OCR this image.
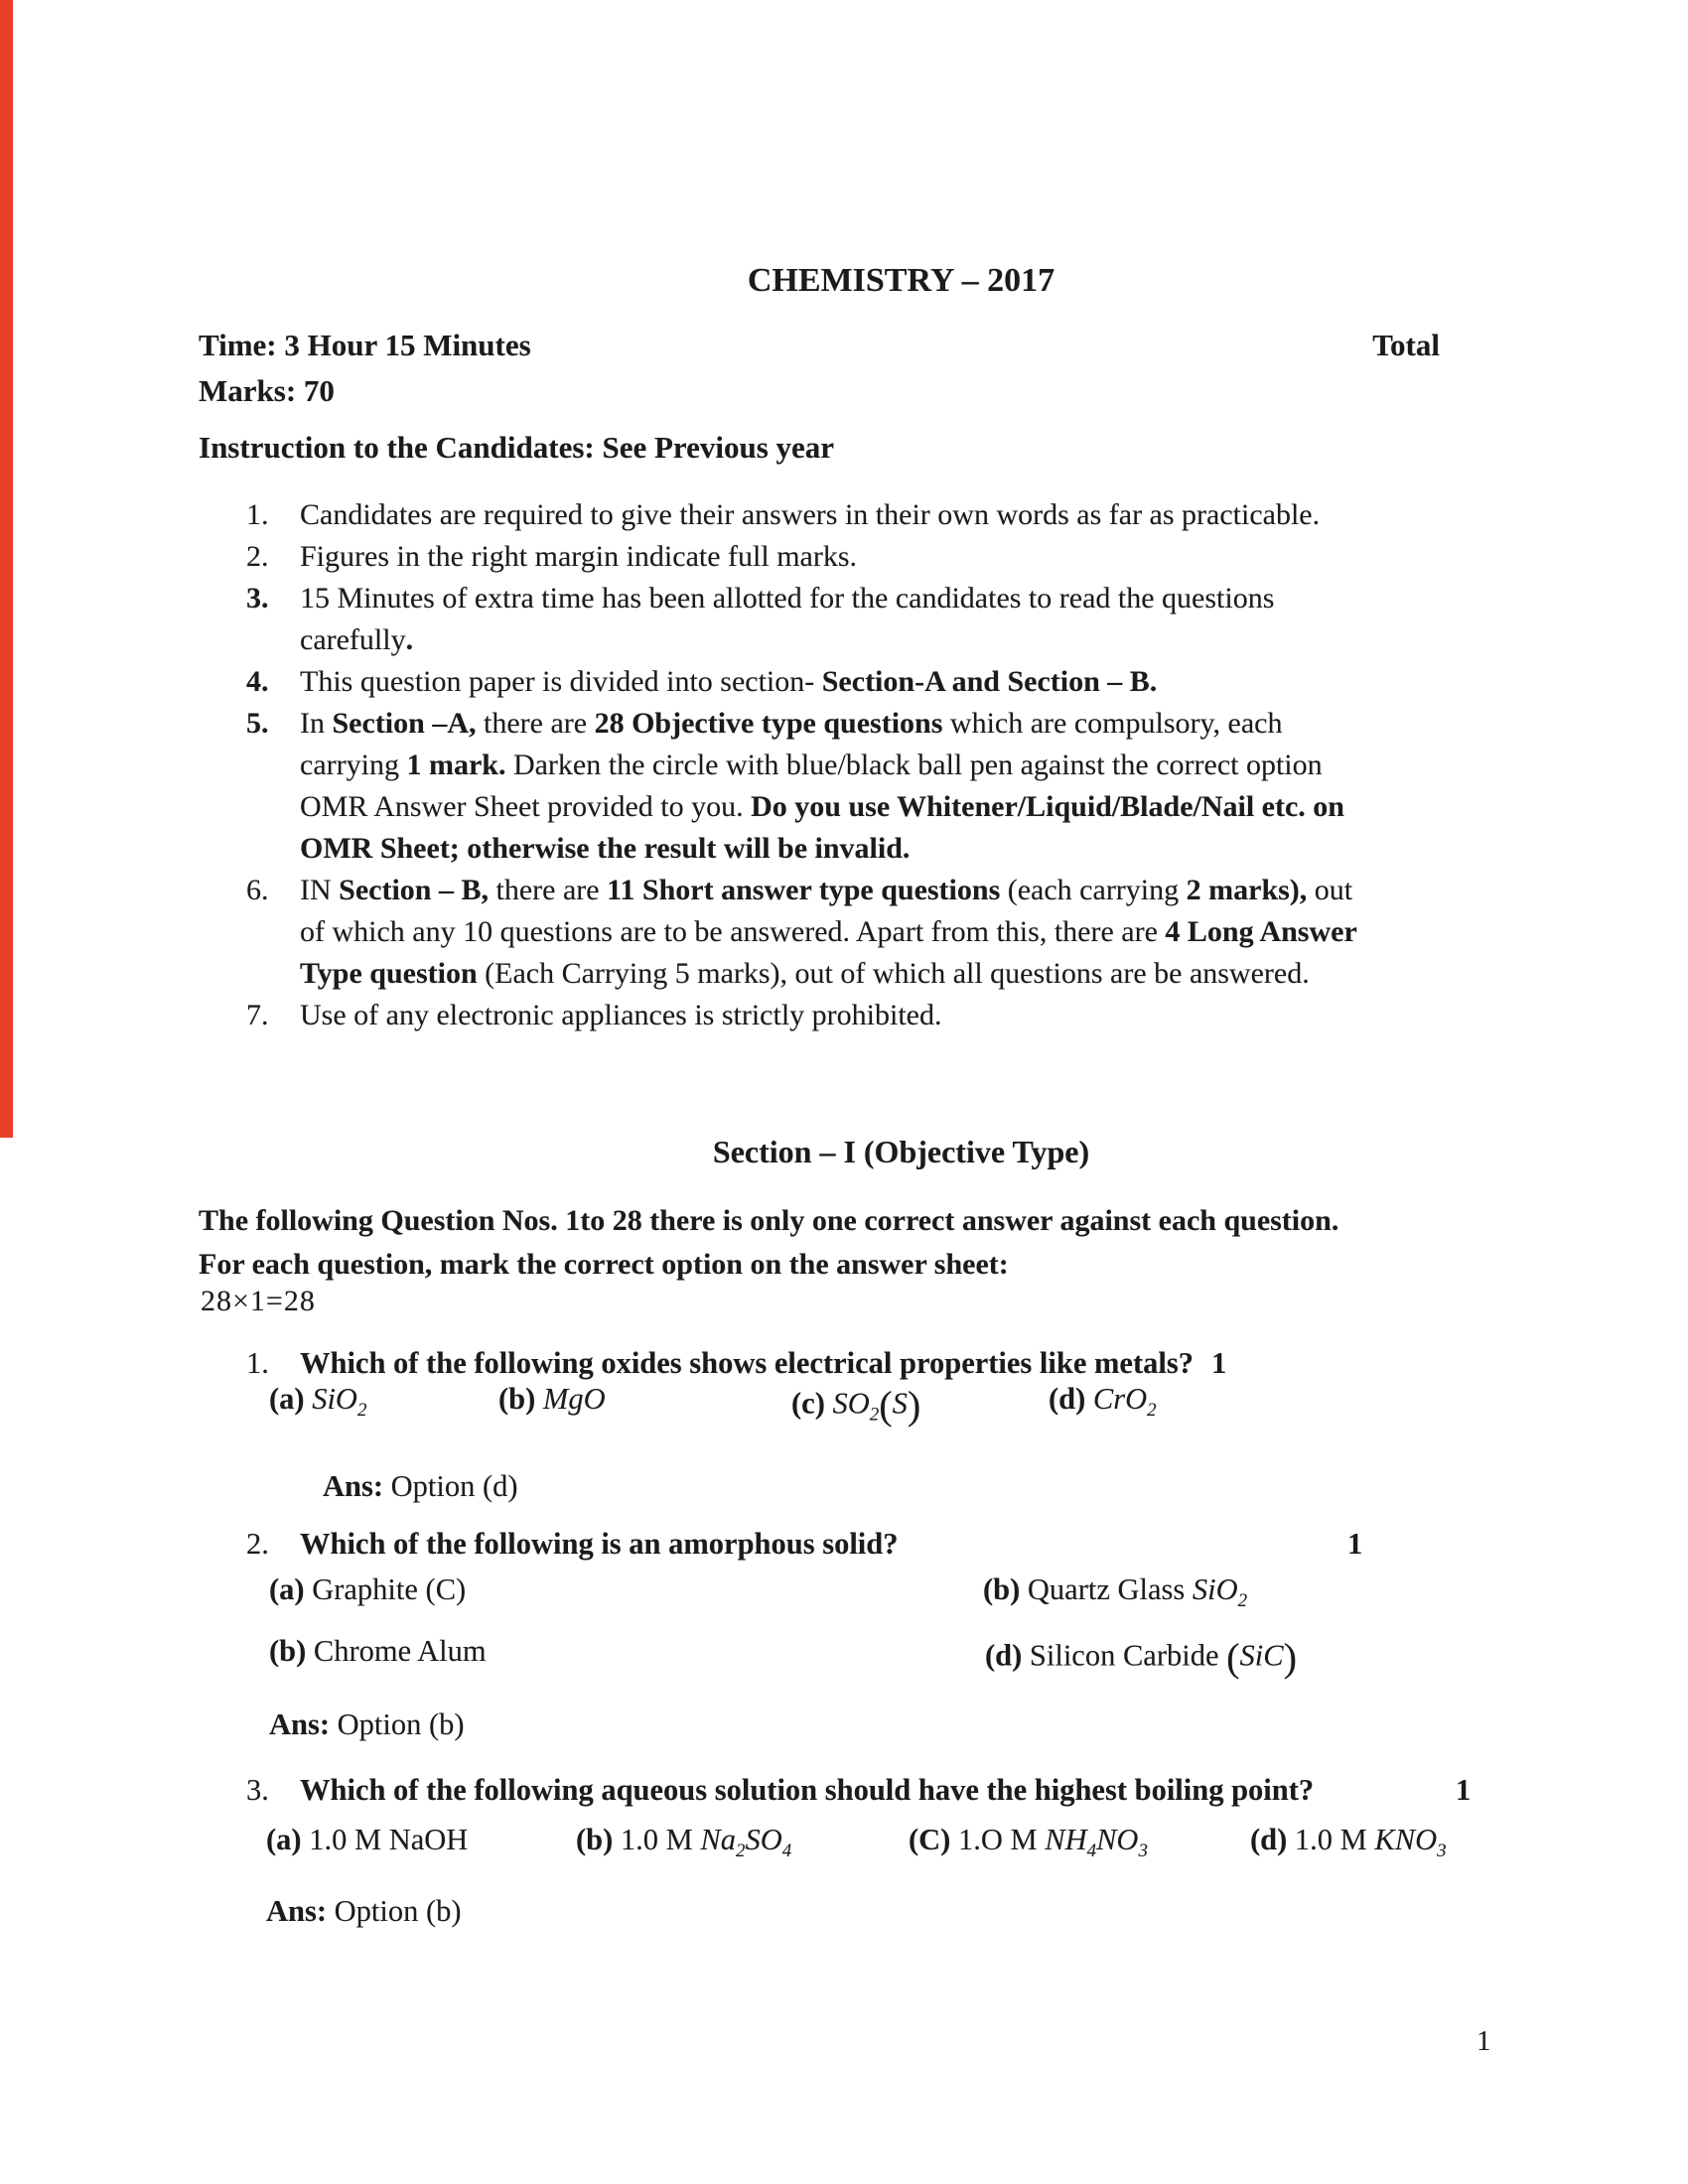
CHEMISTRY – 2017
Time: 3 Hour 15 Minutes	Total
Marks: 70
Instruction to the Candidates: See Previous year
1.	Candidates are required to give their answers in their own words as far as practicable.
2.	Figures in the right margin indicate full marks.
3.	15 Minutes of extra time has been allotted for the candidates to read the questions
carefully.
4.	This question paper is divided into section- Section-A and Section – B.
5.	In Section –A, there are 28 Objective type questions which are compulsory, each
carrying 1 mark. Darken the circle with blue/black ball pen against the correct option
OMR Answer Sheet provided to you. Do you use Whitener/Liquid/Blade/Nail etc. on
OMR Sheet; otherwise the result will be invalid.
6.	IN Section – B, there are 11 Short answer type questions (each carrying 2 marks), out
of which any 10 questions are to be answered. Apart from this, there are 4 Long Answer
Type question (Each Carrying 5 marks), out of which all questions are be answered.
7.	Use of any electronic appliances is strictly prohibited.
Section – I (Objective Type)
The following Question Nos. 1to 28 there is only one correct answer against each question.
For each question, mark the correct option on the answer sheet:
28×1=28
1.	Which of the following oxides shows electrical properties like metals? 1
(a) SiO$_2$	(b) MgO	(c) $SO_2(S)$	(d) CrO$_2$
Ans: Option (d)
2.	Which of the following is an amorphous solid?	1
(a) Graphite (C)	(b) Quartz Glass SiO$_2$
(b) Chrome Alum	(d) Silicon Carbide (SiC)
Ans: Option (b)
3.	Which of the following aqueous solution should have the highest boiling point?	1
(a) 1.0 M NaOH	(b) 1.0 M $Na_2SO_4$	(C) 1.O M $NH_4NO_3$	(d) 1.0 M $KNO_3$
Ans: Option (b)
1
